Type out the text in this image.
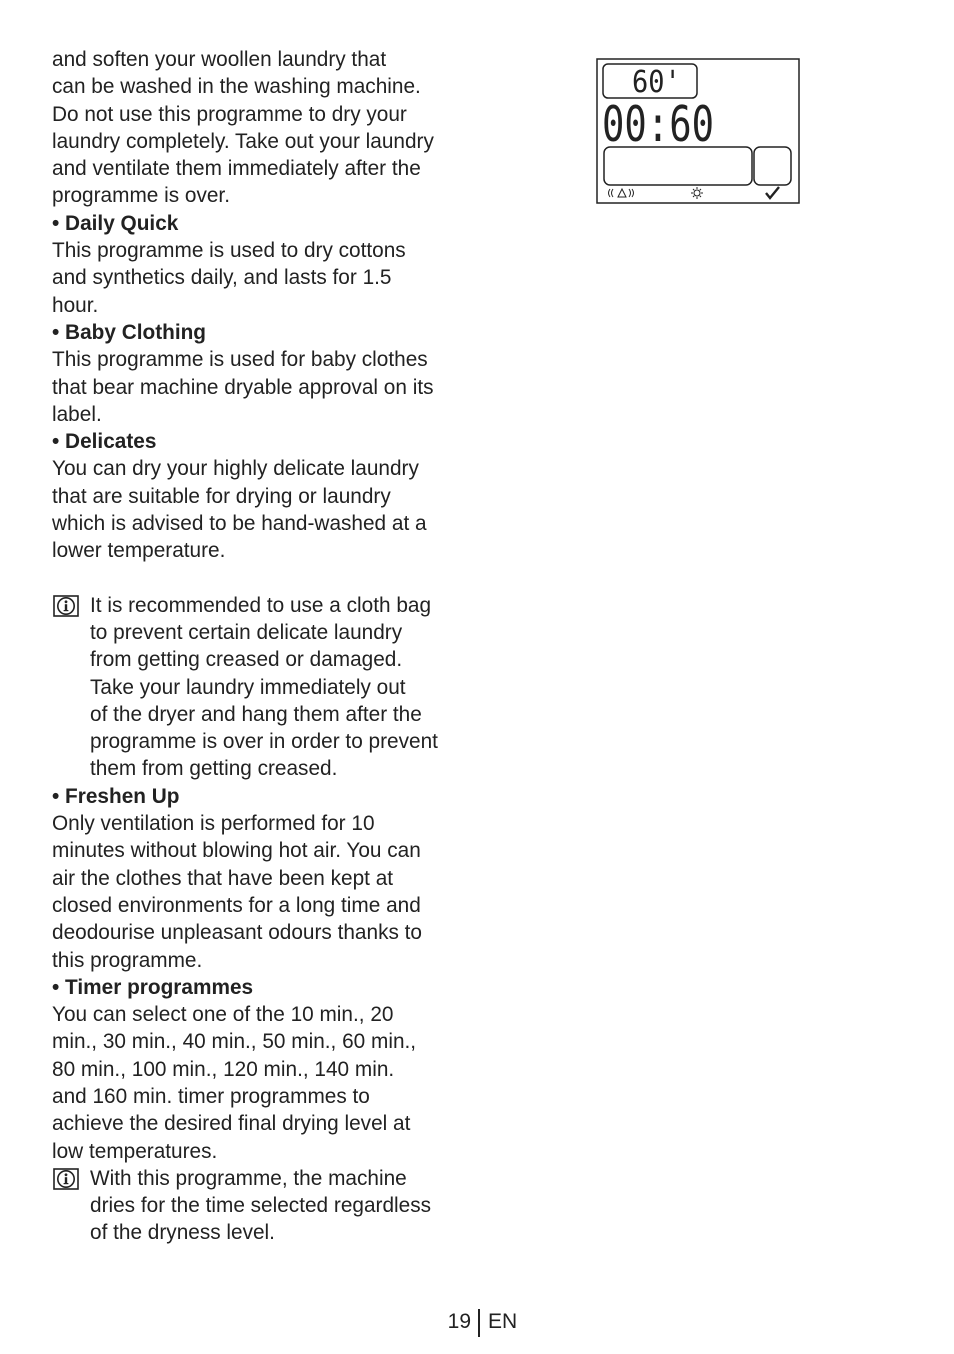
and soften your woollen laundry that

can be washed in the washing machine.

Do not use this programme to dry your

laundry completely. Take out your laundry

and ventilate them immediately after the

programme is over.

• Daily Quick

This programme is used to dry cottons

and synthetics daily, and lasts for 1.5

hour.

• Baby Clothing

This programme is used for baby clothes

that bear machine dryable approval on its

label.

• Delicates

You can dry your highly delicate laundry

that are suitable for drying or laundry

which is advised to be hand-washed at a

lower temperature.

It is recommended to use a cloth bag

to prevent certain delicate laundry

from getting creased or damaged.

Take your laundry immediately out

of the dryer and hang them after the

programme is over in order to prevent

them from getting creased.

• Freshen Up

Only ventilation is performed for 10

minutes without blowing hot air. You can

air the clothes that have been kept at

closed environments for a long time and

deodourise unpleasant odours thanks to

this programme.

• Timer programmes

You can select one of the 10 min., 20

min., 30 min., 40 min., 50 min., 60 min.,

80 min., 100 min., 120 min., 140 min.

and 160 min. timer programmes to

achieve the desired final drying level at

low temperatures.

With this programme, the machine

dries for the time selected regardless

of the dryness level.

60'
00:60
19 EN
